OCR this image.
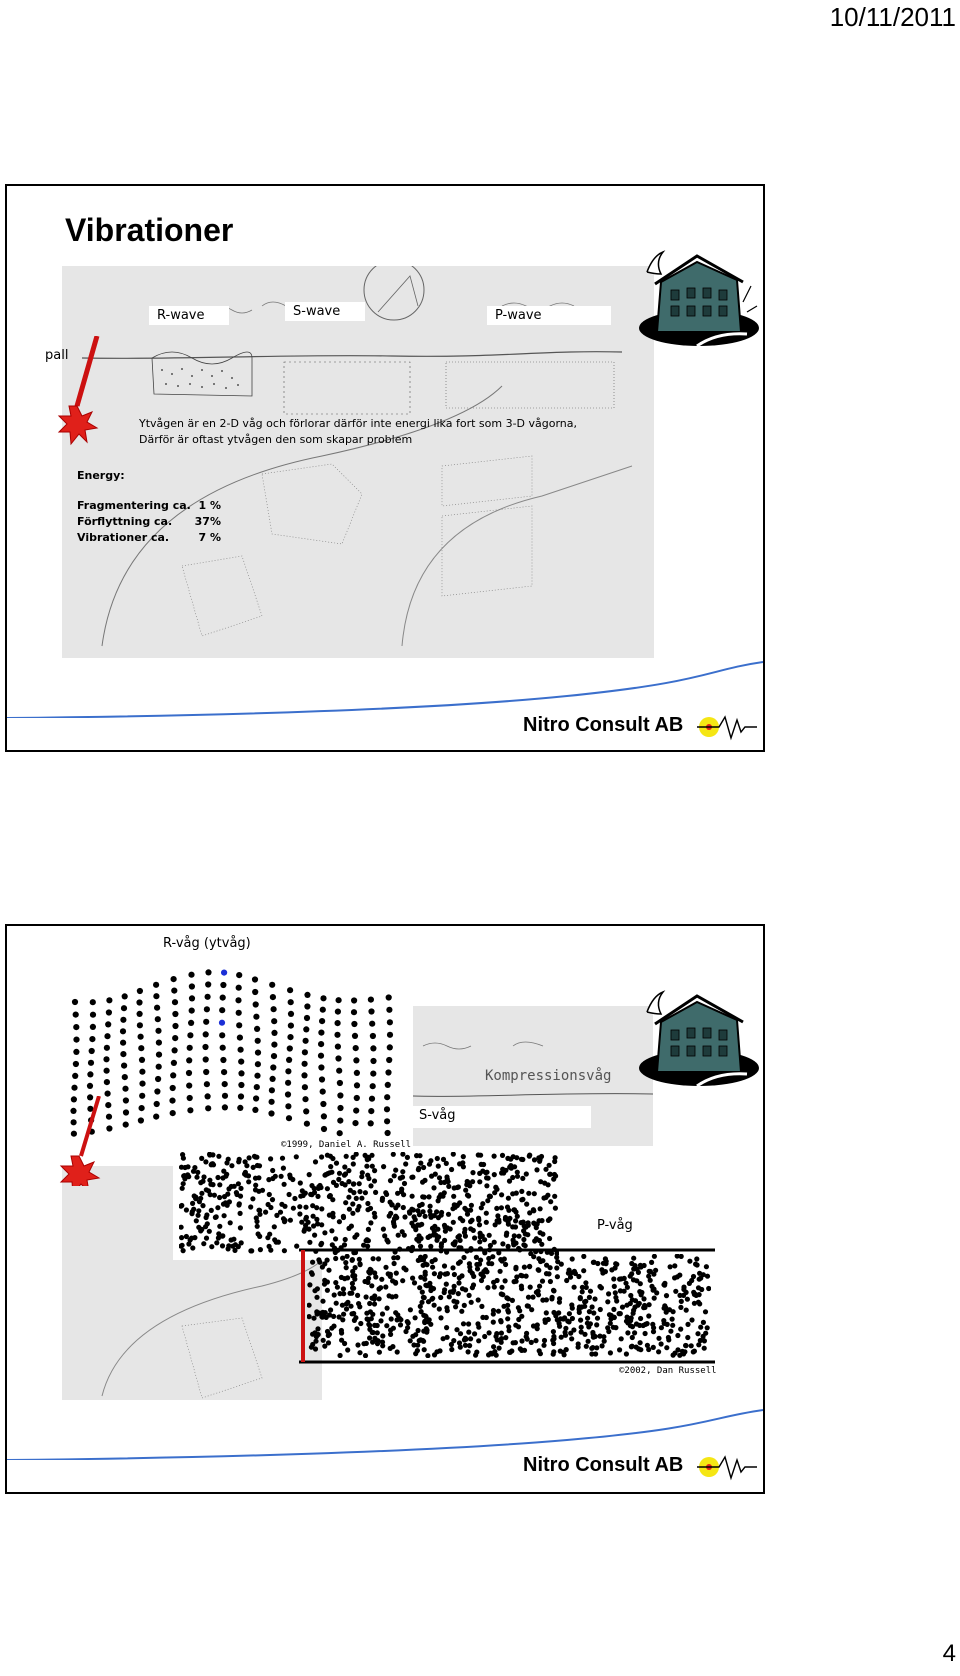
10/11/2011
Vibrationer
pall
R-wave	S-wave	P-wave
Ytvågen är en 2-D våg och förlorar därför inte energi lika fort som 3-D vågorna,
Därför är oftast ytvågen den som skapar problem
Energy:
Fragmentering ca. 1 %
Förflyttning ca.	37%
Vibrationer ca.	7 %
Nitro Consult AB
Kompressionsvåg
R-våg (ytvåg)
©1999, Daniel A. Russell
S-våg
P-våg
©2002, Dan Russell
Nitro Consult AB
4
